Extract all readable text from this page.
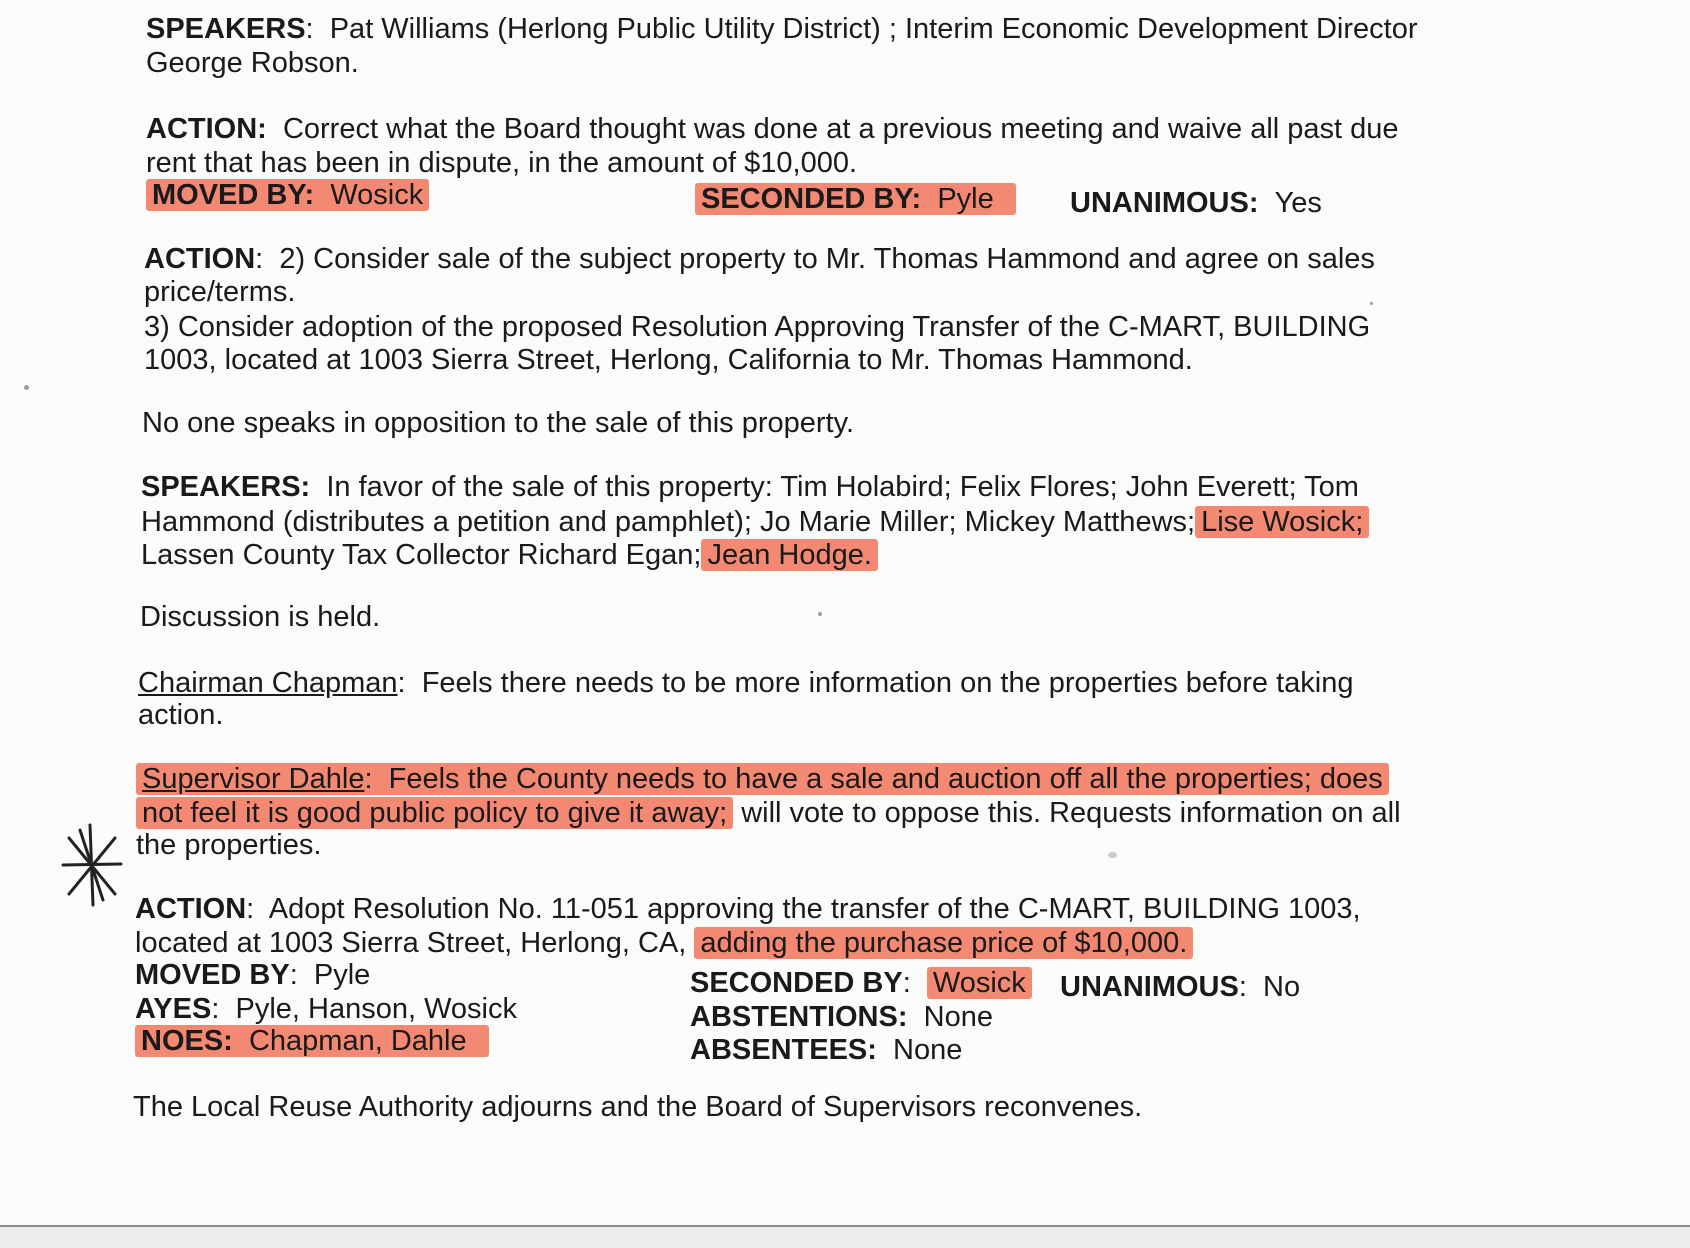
SPEAKERS:  Pat Williams (Herlong Public Utility District) ; Interim Economic Development Director
George Robson.
ACTION: Correct what the Board thought was done at a previous meeting and waive all past due
rent that has been in dispute, in the amount of $10,000.
MOVED BY: Wosick	SECONDED BY: Pyle	UNANIMOUS: Yes
ACTION:  2) Consider sale of the subject property to Mr. Thomas Hammond and agree on sales
price/terms.
3) Consider adoption of the proposed Resolution Approving Transfer of the C-MART, BUILDING
1003, located at 1003 Sierra Street, Herlong, California to Mr. Thomas Hammond.
No one speaks in opposition to the sale of this property.
SPEAKERS: In favor of the sale of this property: Tim Holabird; Felix Flores; John Everett; Tom
Hammond (distributes a petition and pamphlet); Jo Marie Miller; Mickey Matthews; Lise Wosick;
Lassen County Tax Collector Richard Egan; Jean Hodge.
Discussion is held.
Chairman Chapman:  Feels there needs to be more information on the properties before taking
action.
Supervisor Dahle:  Feels the County needs to have a sale and auction off all the properties; does
not feel it is good public policy to give it away; will vote to oppose this. Requests information on all
the properties.
ACTION:  Adopt Resolution No. 11-051 approving the transfer of the C-MART, BUILDING 1003,
located at 1003 Sierra Street, Herlong, CA, adding the purchase price of $10,000.
MOVED BY:  Pyle
AYES:  Pyle, Hanson, Wosick
NOES: Chapman, Dahle
SECONDED BY:  Wosick UNANIMOUS:  No
ABSTENTIONS: None
ABSENTEES: None
The Local Reuse Authority adjourns and the Board of Supervisors reconvenes.
